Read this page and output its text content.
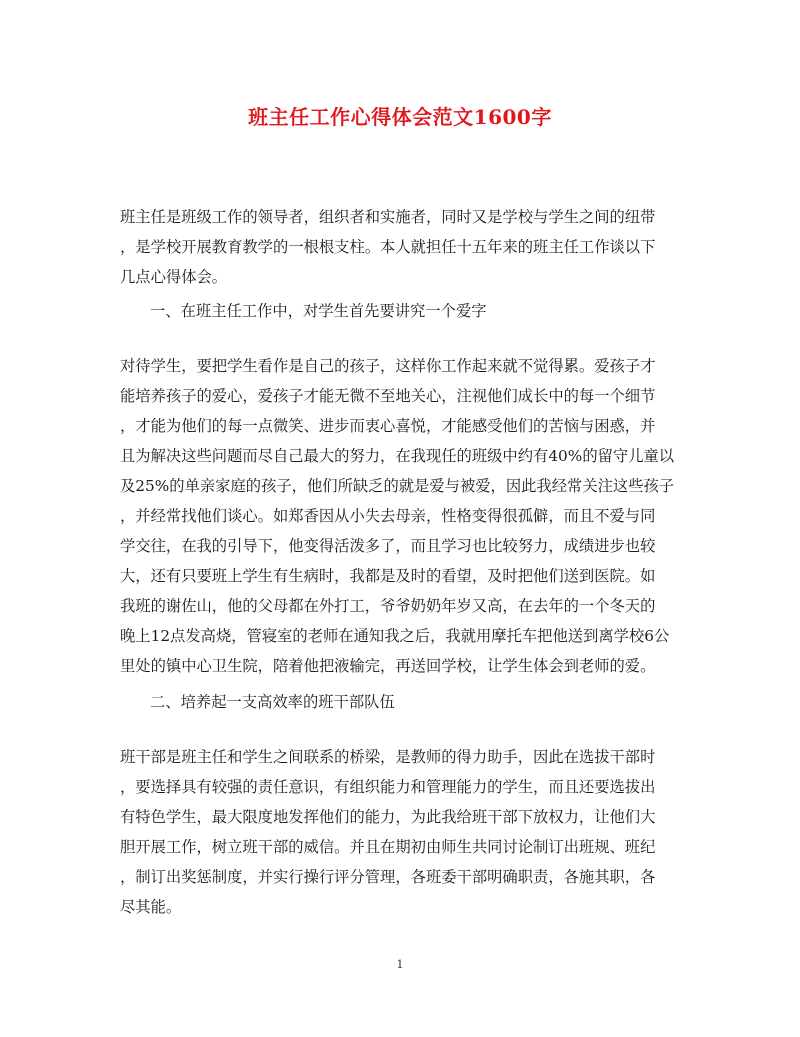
班主任工作心得体会范文1600字
班主任是班级工作的领导者，组织者和实施者，同时又是学校与学生之间的纽带
，是学校开展教育教学的一根根支柱。本人就担任十五年来的班主任工作谈以下
几点心得体会。
一、在班主任工作中，对学生首先要讲究一个爱字
对待学生，要把学生看作是自己的孩子，这样你工作起来就不觉得累。爱孩子才
能培养孩子的爱心，爱孩子才能无微不至地关心，注视他们成长中的每一个细节
，才能为他们的每一点微笑、进步而衷心喜悦，才能感受他们的苦恼与困惑，并
且为解决这些问题而尽自己最大的努力，在我现任的班级中约有40%的留守儿童以
及25%的单亲家庭的孩子，他们所缺乏的就是爱与被爱，因此我经常关注这些孩子
，并经常找他们谈心。如郑香因从小失去母亲，性格变得很孤僻，而且不爱与同
学交往，在我的引导下，他变得活泼多了，而且学习也比较努力，成绩进步也较
大，还有只要班上学生有生病时，我都是及时的看望，及时把他们送到医院。如
我班的谢佐山，他的父母都在外打工，爷爷奶奶年岁又高，在去年的一个冬天的
晚上12点发高烧，管寝室的老师在通知我之后，我就用摩托车把他送到离学校6公
里处的镇中心卫生院，陪着他把液输完，再送回学校，让学生体会到老师的爱。
二、培养起一支高效率的班干部队伍
班干部是班主任和学生之间联系的桥梁，是教师的得力助手，因此在选拔干部时
，要选择具有较强的责任意识，有组织能力和管理能力的学生，而且还要选拔出
有特色学生，最大限度地发挥他们的能力，为此我给班干部下放权力，让他们大
胆开展工作，树立班干部的威信。并且在期初由师生共同讨论制订出班规、班纪
，制订出奖惩制度，并实行操行评分管理，各班委干部明确职责，各施其职，各
尽其能。
1
